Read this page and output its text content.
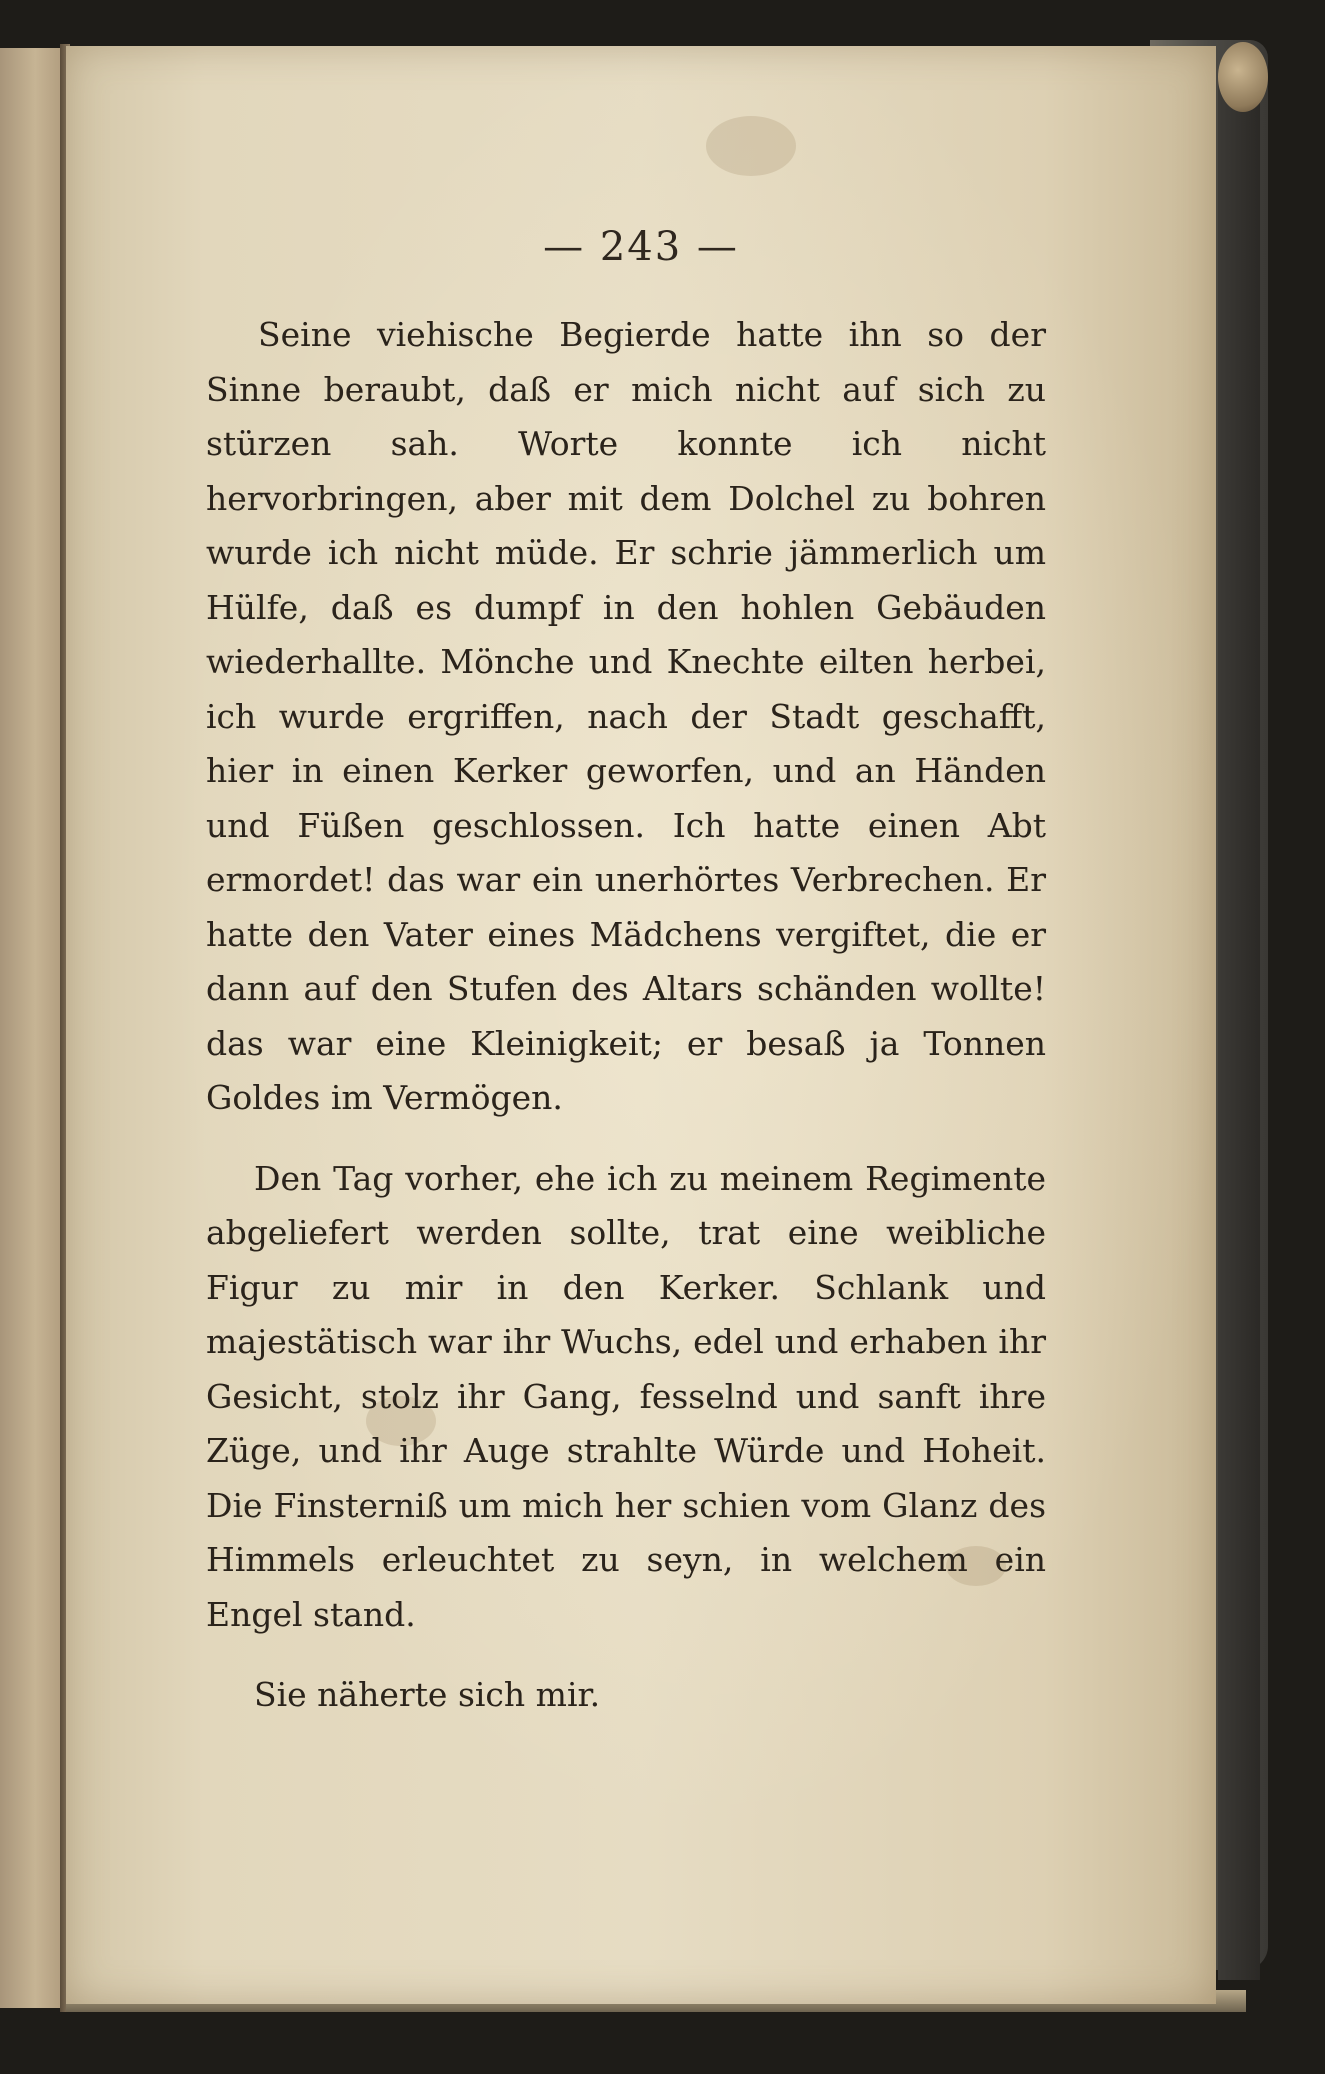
— 243 —

Seine viehische Begierde hatte ihn so der Sinne beraubt, daß er mich nicht auf sich zu stürzen sah. Worte konnte ich nicht hervorbringen, aber mit dem Dolchel zu bohren wurde ich nicht müde. Er schrie jämmerlich um Hülfe, daß es dumpf in den hohlen Gebäuden wiederhallte. Mönche und Knechte eilten herbei, ich wurde ergriffen, nach der Stadt geschafft, hier in einen Kerker geworfen, und an Händen und Füßen geschlossen. Ich hatte einen Abt ermordet! das war ein unerhörtes Verbrechen. Er hatte den Vater eines Mädchens vergiftet, die er dann auf den Stufen des Altars schänden wollte! das war eine Kleinigkeit; er besaß ja Tonnen Goldes im Vermögen.

Den Tag vorher, ehe ich zu meinem Regimente abgeliefert werden sollte, trat eine weibliche Figur zu mir in den Kerker. Schlank und majestätisch war ihr Wuchs, edel und erhaben ihr Gesicht, stolz ihr Gang, fesselnd und sanft ihre Züge, und ihr Auge strahlte Würde und Hoheit. Die Finsterniß um mich her schien vom Glanz des Himmels erleuchtet zu seyn, in welchem ein Engel stand.

Sie näherte sich mir.
